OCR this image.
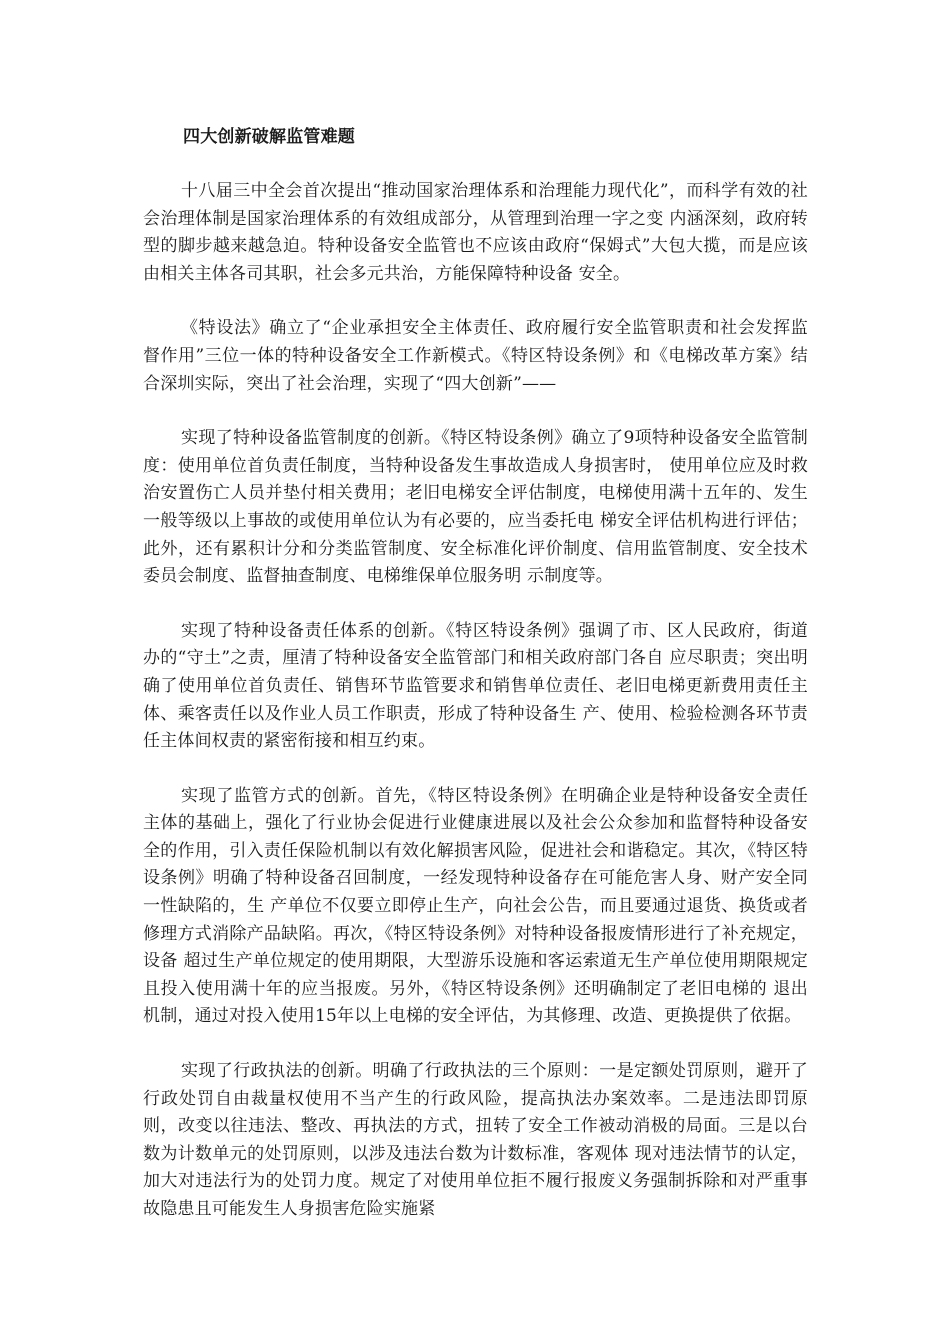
四大创新破解监管难题

十八届三中全会首次提出“推动国家治理体系和治理能力现代化”，而科学有效的社会治理体制是国家治理体系的有效组成部分，从管理到治理一字之变 内涵深刻，政府转型的脚步越来越急迫。特种设备安全监管也不应该由政府“保姆式”大包大揽，而是应该由相关主体各司其职，社会多元共治，方能保障特种设备 安全。

《特设法》确立了“企业承担安全主体责任、政府履行安全监管职责和社会发挥监督作用”三位一体的特种设备安全工作新模式。《特区特设条例》和《电梯改革方案》结合深圳实际，突出了社会治理，实现了“四大创新”——

实现了特种设备监管制度的创新。《特区特设条例》确立了9项特种设备安全监管制度：使用单位首负责任制度，当特种设备发生事故造成人身损害时， 使用单位应及时救治安置伤亡人员并垫付相关费用；老旧电梯安全评估制度，电梯使用满十五年的、发生一般等级以上事故的或使用单位认为有必要的，应当委托电 梯安全评估机构进行评估；此外，还有累积计分和分类监管制度、安全标准化评价制度、信用监管制度、安全技术委员会制度、监督抽查制度、电梯维保单位服务明 示制度等。

实现了特种设备责任体系的创新。《特区特设条例》强调了市、区人民政府，街道办的“守土”之责，厘清了特种设备安全监管部门和相关政府部门各自 应尽职责；突出明确了使用单位首负责任、销售环节监管要求和销售单位责任、老旧电梯更新费用责任主体、乘客责任以及作业人员工作职责，形成了特种设备生 产、使用、检验检测各环节责任主体间权责的紧密衔接和相互约束。

实现了监管方式的创新。首先，《特区特设条例》在明确企业是特种设备安全责任主体的基础上，强化了行业协会促进行业健康进展以及社会公众参加和监督特种设备安全的作用，引入责任保险机制以有效化解损害风险，促进社会和谐稳定。其次，《特区特设条例》明确了特种设备召回制度，一经发现特种设备存在可能危害人身、财产安全同一性缺陷的，生 产单位不仅要立即停止生产，向社会公告，而且要通过退货、换货或者修理方式消除产品缺陷。再次，《特区特设条例》对特种设备报废情形进行了补充规定，设备 超过生产单位规定的使用期限，大型游乐设施和客运索道无生产单位使用期限规定且投入使用满十年的应当报废。另外，《特区特设条例》还明确制定了老旧电梯的 退出机制，通过对投入使用15年以上电梯的安全评估，为其修理、改造、更换提供了依据。

实现了行政执法的创新。明确了行政执法的三个原则：一是定额处罚原则，避开了行政处罚自由裁量权使用不当产生的行政风险，提高执法办案效率。二是违法即罚原则，改变以往违法、整改、再执法的方式，扭转了安全工作被动消极的局面。三是以台数为计数单元的处罚原则，以涉及违法台数为计数标准，客观体 现对违法情节的认定，加大对违法行为的处罚力度。规定了对使用单位拒不履行报废义务强制拆除和对严重事故隐患且可能发生人身损害危险实施紧
